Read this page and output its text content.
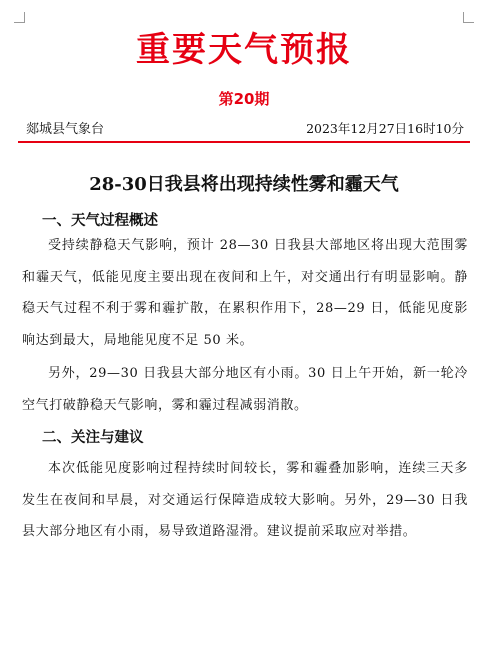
重要天气预报
第20期
郯城县气象台	2023年12月27日16时10分
28-30日我县将出现持续性雾和霾天气
一、天气过程概述

受持续静稳天气影响，预计 28—30 日我县大部地区将出现大范围雾和霾天气，低能见度主要出现在夜间和上午，对交通出行有明显影响。静稳天气过程不利于雾和霾扩散，在累积作用下，28—29 日，低能见度影响达到最大，局地能见度不足 50 米。

另外，29—30 日我县大部分地区有小雨。30 日上午开始，新一轮冷空气打破静稳天气影响，雾和霾过程减弱消散。

二、关注与建议

本次低能见度影响过程持续时间较长，雾和霾叠加影响，连续三天多发生在夜间和早晨，对交通运行保障造成较大影响。另外，29—30 日我县大部分地区有小雨，易导致道路湿滑。建议提前采取应对举措。
